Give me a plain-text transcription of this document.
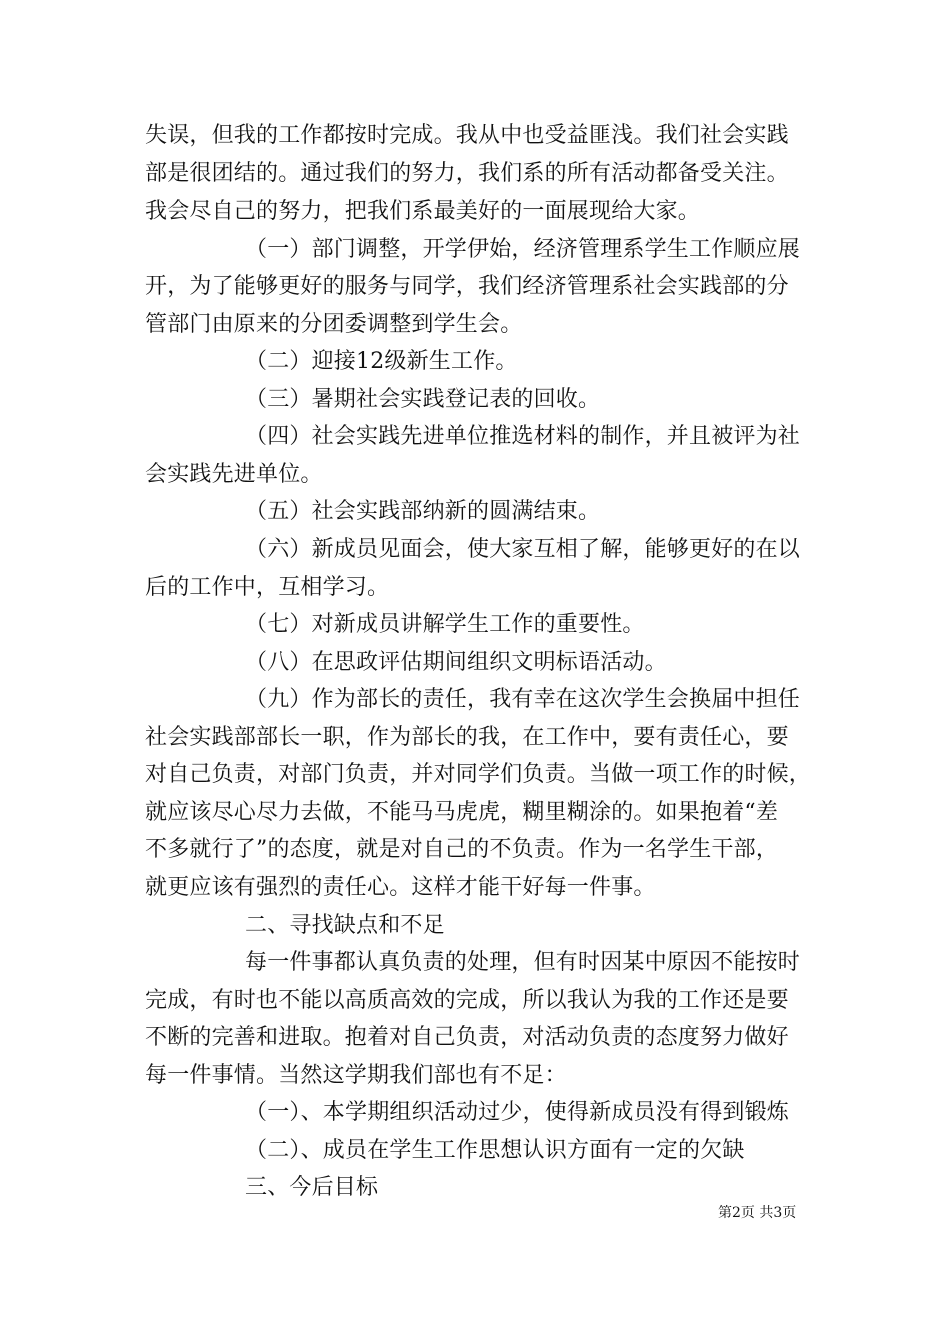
失误，但我的工作都按时完成。我从中也受益匪浅。我们社会实践
部是很团结的。通过我们的努力，我们系的所有活动都备受关注。
我会尽自己的努力，把我们系最美好的一面展现给大家。
（一）部门调整，开学伊始，经济管理系学生工作顺应展
开，为了能够更好的服务与同学，我们经济管理系社会实践部的分
管部门由原来的分团委调整到学生会。
（二）迎接12级新生工作。
（三）暑期社会实践登记表的回收。
（四）社会实践先进单位推选材料的制作，并且被评为社
会实践先进单位。
（五）社会实践部纳新的圆满结束。
（六）新成员见面会，使大家互相了解，能够更好的在以
后的工作中，互相学习。
（七）对新成员讲解学生工作的重要性。
（八）在思政评估期间组织文明标语活动。
（九）作为部长的责任，我有幸在这次学生会换届中担任
社会实践部部长一职，作为部长的我，在工作中，要有责任心，要
对自己负责，对部门负责，并对同学们负责。当做一项工作的时候，
就应该尽心尽力去做，不能马马虎虎，糊里糊涂的。如果抱着“差
不多就行了”的态度，就是对自己的不负责。作为一名学生干部，
就更应该有强烈的责任心。这样才能干好每一件事。
二、寻找缺点和不足
每一件事都认真负责的处理，但有时因某中原因不能按时
完成，有时也不能以高质高效的完成，所以我认为我的工作还是要
不断的完善和进取。抱着对自己负责，对活动负责的态度努力做好
每一件事情。当然这学期我们部也有不足：
（一）、本学期组织活动过少，使得新成员没有得到锻炼
（二）、成员在学生工作思想认识方面有一定的欠缺
三、今后目标
第2页 共3页
